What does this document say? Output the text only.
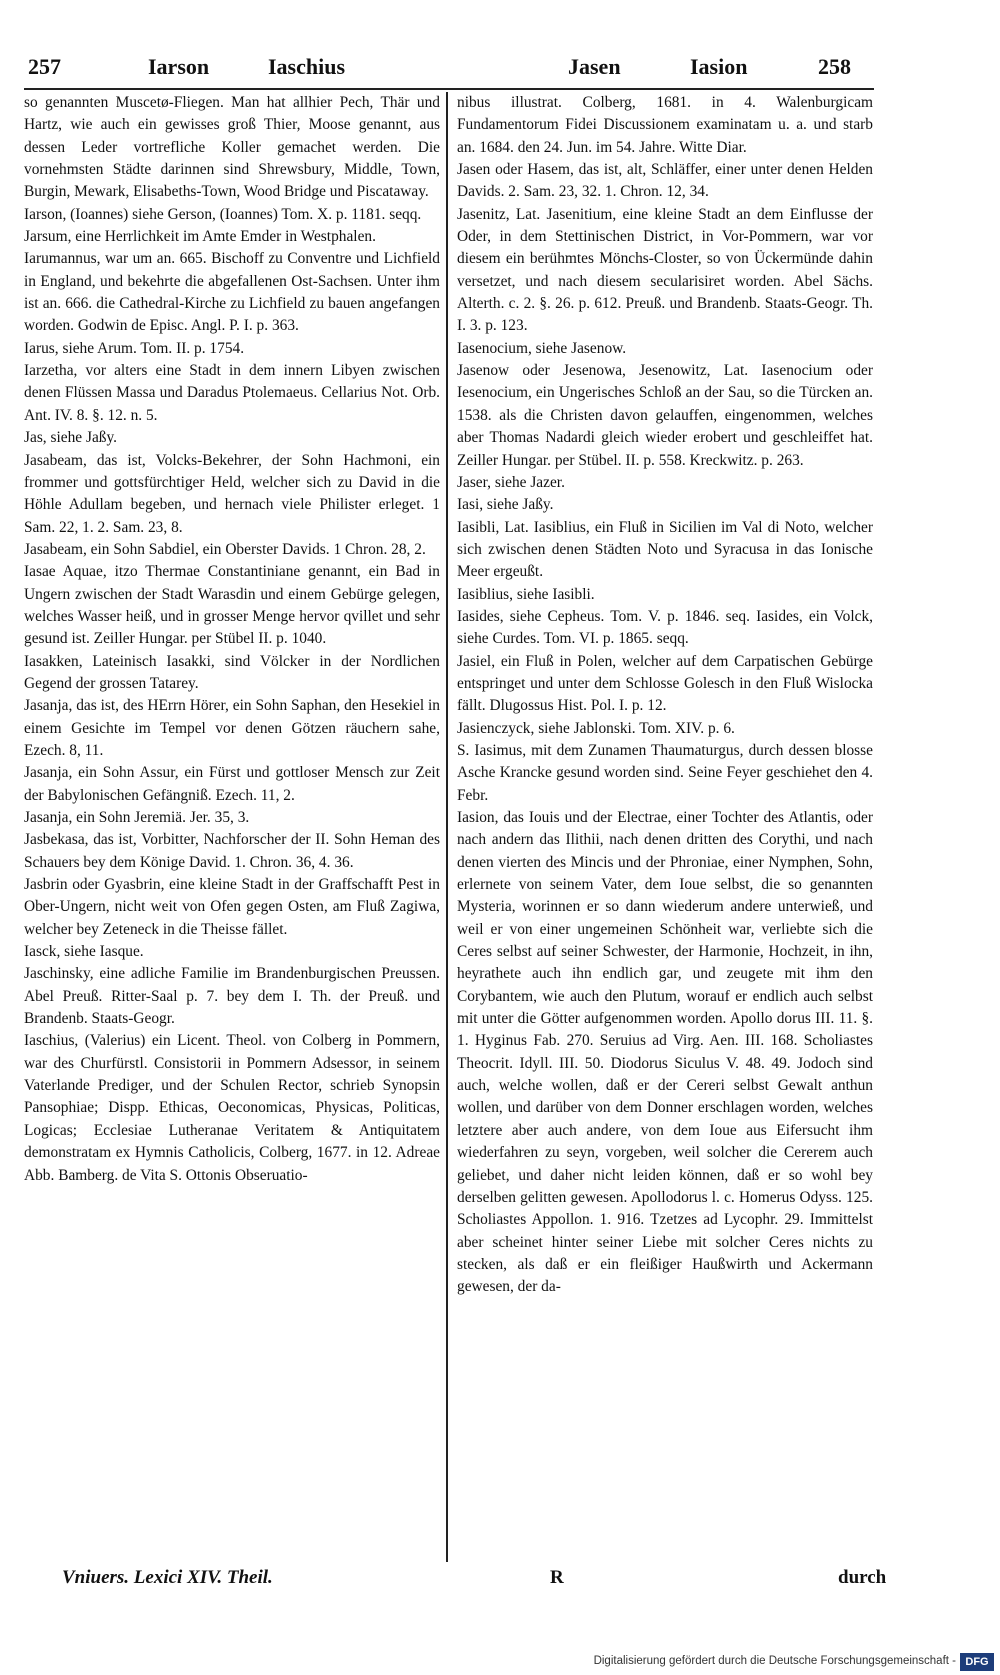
257	Iarson	Iaschius	Jasen	Iasion	258

so genannten Muscetø-Fliegen. Man hat allhier Pech, Thär und Hartz, wie auch ein gewisses groß Thier, Moose genannt, aus dessen Leder vortrefliche Koller gemachet werden. Die vornehmsten Städte darinnen sind Shrewsbury, Middle, Town, Burgin, Mewark, Elisabeths-Town, Wood Bridge und Piscataway.

Iarson, (Ioannes) siehe Gerson, (Ioannes) Tom. X. p. 1181. seqq.

Jarsum, eine Herrlichkeit im Amte Emder in Westphalen.

Iarumannus, war um an. 665. Bischoff zu Conventre und Lichfield in England, und bekehrte die abgefallenen Ost-Sachsen. Unter ihm ist an. 666. die Cathedral-Kirche zu Lichfield zu bauen angefangen worden. Godwin de Episc. Angl. P. I. p. 363.

Iarus, siehe Arum. Tom. II. p. 1754.

Iarzetha, vor alters eine Stadt in dem innern Libyen zwischen denen Flüssen Massa und Daradus Ptolemaeus. Cellarius Not. Orb. Ant. IV. 8. §. 12. n. 5.

Jas, siehe Jaßy.

Jasabeam, das ist, Volcks-Bekehrer, der Sohn Hachmoni, ein frommer und gottsfürchtiger Held, welcher sich zu David in die Höhle Adullam begeben, und hernach viele Philister erleget. 1 Sam. 22, 1. 2. Sam. 23, 8.

Jasabeam, ein Sohn Sabdiel, ein Oberster Davids. 1 Chron. 28, 2.

Iasae Aquae, itzo Thermae Constantiniane genannt, ein Bad in Ungern zwischen der Stadt Warasdin und einem Gebürge gelegen, welches Wasser heiß, und in grosser Menge hervor qvillet und sehr gesund ist. Zeiller Hungar. per Stübel II. p. 1040.

Iasakken, Lateinisch Iasakki, sind Völcker in der Nordlichen Gegend der grossen Tatarey.

Jasanja, das ist, des HErrn Hörer, ein Sohn Saphan, den Hesekiel in einem Gesichte im Tempel vor denen Götzen räuchern sahe, Ezech. 8, 11.

Jasanja, ein Sohn Assur, ein Fürst und gottloser Mensch zur Zeit der Babylonischen Gefängniß. Ezech. 11, 2.

Jasanja, ein Sohn Jeremiä. Jer. 35, 3.

Jasbekasa, das ist, Vorbitter, Nachforscher der II. Sohn Heman des Schauers bey dem Könige David. 1. Chron. 36, 4. 36.

Jasbrin oder Gyasbrin, eine kleine Stadt in der Graffschafft Pest in Ober-Ungern, nicht weit von Ofen gegen Osten, am Fluß Zagiwa, welcher bey Zeteneck in die Theisse fället.

Iasck, siehe Iasque.

Jaschinsky, eine adliche Familie im Brandenburgischen Preussen. Abel Preuß. Ritter-Saal p. 7. bey dem I. Th. der Preuß. und Brandenb. Staats-Geogr.

Iaschius, (Valerius) ein Licent. Theol. von Colberg in Pommern, war des Churfürstl. Consistorii in Pommern Adsessor, in seinem Vaterlande Prediger, und der Schulen Rector, schrieb Synopsin Pansophiae; Dispp. Ethicas, Oeconomicas, Physicas, Politicas, Logicas; Ecclesiae Lutheranae Veritatem & Antiquitatem demonstratam ex Hymnis Catholicis, Colberg, 1677. in 12. Adreae Abb. Bamberg. de Vita S. Ottonis Obseruatio-

nibus illustrat. Colberg, 1681. in 4. Walenburgicam Fundamentorum Fidei Discussionem examinatam u. a. und starb an. 1684. den 24. Jun. im 54. Jahre. Witte Diar.

Jasen oder Hasem, das ist, alt, Schläffer, einer unter denen Helden Davids. 2. Sam. 23, 32. 1. Chron. 12, 34.

Jasenitz, Lat. Jasenitium, eine kleine Stadt an dem Einflusse der Oder, in dem Stettinischen District, in Vor-Pommern, war vor diesem ein berühmtes Mönchs-Closter, so von Ückermünde dahin versetzet, und nach diesem secularisiret worden. Abel Sächs. Alterth. c. 2. §. 26. p. 612. Preuß. und Brandenb. Staats-Geogr. Th. I. 3. p. 123.

Iasenocium, siehe Jasenow.

Jasenow oder Jesenowa, Jesenowitz, Lat. Iasenocium oder Iesenocium, ein Ungerisches Schloß an der Sau, so die Türcken an. 1538. als die Christen davon gelauffen, eingenommen, welches aber Thomas Nadardi gleich wieder erobert und geschleiffet hat. Zeiller Hungar. per Stübel. II. p. 558. Kreckwitz. p. 263.

Jaser, siehe Jazer.

Iasi, siehe Jaßy.

Iasibli, Lat. Iasiblius, ein Fluß in Sicilien im Val di Noto, welcher sich zwischen denen Städten Noto und Syracusa in das Ionische Meer ergeußt.

Iasiblius, siehe Iasibli.

Iasides, siehe Cepheus. Tom. V. p. 1846. seq. Iasides, ein Volck, siehe Curdes. Tom. VI. p. 1865. seqq.

Jasiel, ein Fluß in Polen, welcher auf dem Carpatischen Gebürge entspringet und unter dem Schlosse Golesch in den Fluß Wislocka fällt. Dlugossus Hist. Pol. I. p. 12.

Jasienczyck, siehe Jablonski. Tom. XIV. p. 6.

S. Iasimus, mit dem Zunamen Thaumaturgus, durch dessen blosse Asche Krancke gesund worden sind. Seine Feyer geschiehet den 4. Febr.

Iasion, das Iouis und der Electrae, einer Tochter des Atlantis, oder nach andern das Ilithii, nach denen dritten des Corythi, und nach denen vierten des Mincis und der Phroniae, einer Nymphen, Sohn, erlernete von seinem Vater, dem Ioue selbst, die so genannten Mysteria, worinnen er so dann wiederum andere unterwieß, und weil er von einer ungemeinen Schönheit war, verliebte sich die Ceres selbst auf seiner Schwester, der Harmonie, Hochzeit, in ihn, heyrathete auch ihn endlich gar, und zeugete mit ihm den Corybantem, wie auch den Plutum, worauf er endlich auch selbst mit unter die Götter aufgenommen worden. Apollo dorus III. 11. §. 1. Hyginus Fab. 270. Seruius ad Virg. Aen. III. 168. Scholiastes Theocrit. Idyll. III. 50. Diodorus Siculus V. 48. 49. Jodoch sind auch, welche wollen, daß er der Cereri selbst Gewalt anthun wollen, und darüber von dem Donner erschlagen worden, welches letztere aber auch andere, von dem Ioue aus Eifersucht ihm wiederfahren zu seyn, vorgeben, weil solcher die Cererem auch geliebet, und daher nicht leiden können, daß er so wohl bey derselben gelitten gewesen. Apollodorus l. c. Homerus Odyss. 125. Scholiastes Appollon. 1. 916. Tzetzes ad Lycophr. 29. Immittelst aber scheinet hinter seiner Liebe mit solcher Ceres nichts zu stecken, als daß er ein fleißiger Haußwirth und Ackermann gewesen, der da-

Vniuers. Lexici XIV. Theil.	R	durch
Digitalisierung gefördert durch die Deutsche Forschungsgemeinschaft - DFG
